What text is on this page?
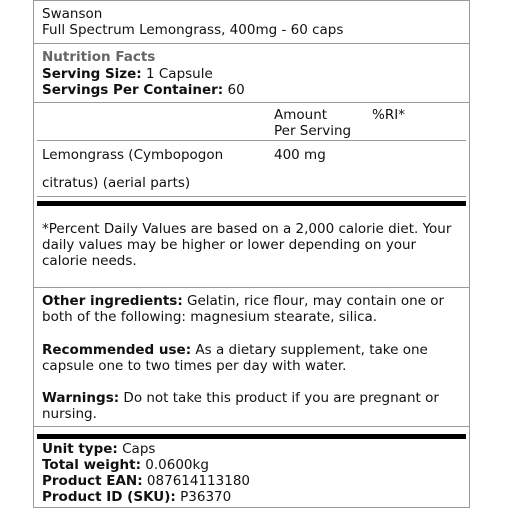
Swanson
Full Spectrum Lemongrass, 400mg - 60 caps
Nutrition Facts
Serving Size: 1 Capsule
Servings Per Container: 60
Amount
Per Serving
%RI*
Lemongrass (Cymbopogon	400 mg
citratus) (aerial parts)
*Percent Daily Values are based on a 2,000 calorie diet. Your daily values may be higher or lower depending on your calorie needs.
Other ingredients: Gelatin, rice flour, may contain one or both of the following: magnesium stearate, silica.
Recommended use: As a dietary supplement, take one capsule one to two times per day with water.
Warnings: Do not take this product if you are pregnant or nursing.
Unit type: Caps
Total weight: 0.0600kg
Product EAN: 087614113180
Product ID (SKU): P36370
